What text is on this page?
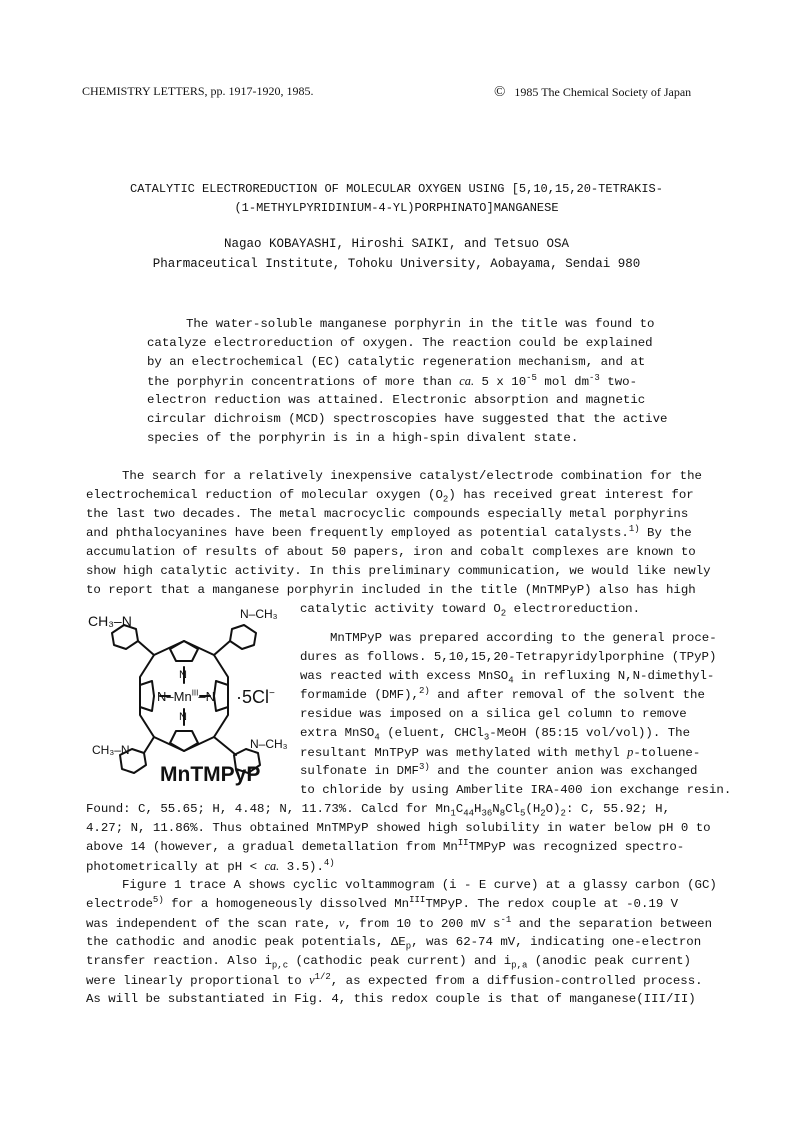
CHEMISTRY LETTERS, pp. 1917-1920, 1985.	© 1985 The Chemical Society of Japan
CATALYTIC ELECTROREDUCTION OF MOLECULAR OXYGEN USING [5,10,15,20-TETRAKIS-
(1-METHYLPYRIDINIUM-4-YL)PORPHINATO]MANGANESE
Nagao KOBAYASHI, Hiroshi SAIKI, and Tetsuo OSA
Pharmaceutical Institute, Tohoku University, Aobayama, Sendai 980
The water-soluble manganese porphyrin in the title was found to
catalyze electroreduction of oxygen. The reaction could be explained
by an electrochemical (EC) catalytic regeneration mechanism, and at
the porphyrin concentrations of more than ca. 5 x $10^{-5}$ mol $dm^{-3}$ two-
electron reduction was attained. Electronic absorption and magnetic
circular dichroism (MCD) spectroscopies have suggested that the active
species of the porphyrin is in a high-spin divalent state.
The search for a relatively inexpensive catalyst/electrode combination for the
electrochemical reduction of molecular oxygen $(O_2)$ has received great interest for
the last two decades. The metal macrocyclic compounds especially metal porphyrins
and phthalocyanines have been frequently employed as potential catalysts.$^{1)}$ By the
accumulation of results of about 50 papers, iron and cobalt complexes are known to
show high catalytic activity. In this preliminary communication, we would like newly
to report that a manganese porphyrin included in the title (MnTMPyP) also has high
catalytic activity toward $O_2$ electroreduction.
CH₃–N	N–CH₃
CH₃–N	N–CH₃
N
N
$N-Mn^{III}-N \cdot 5Cl^-$
MnTMPyP
MnTMPyP was prepared according to the general proce-
dures as follows. 5,10,15,20-Tetrapyridylporphine (TPyP)
was reacted with excess MnSO$_4$ in refluxing N,N-dimethyl-
formamide (DMF),$^{2)}$ and after removal of the solvent the
residue was imposed on a silica gel column to remove
extra MnSO$_4$ (eluent, CHCl$_3$-MeOH (85:15 vol/vol)). The
resultant MnTPyP was methylated with methyl p-toluene-
sulfonate in DMF$^{3)}$ and the counter anion was exchanged
to chloride by using Amberlite IRA-400 ion exchange resin.
Found: C, 55.65; H, 4.48; N, 11.73%. Calcd for $Mn_1C_{44}H_{36}N_8Cl_5(H_2O)_2$: C, 55.92; H,
4.27; N, 11.86%. Thus obtained MnTMPyP showed high solubility in water below pH 0 to
above 14 (however, a gradual demetallation from $Mn^{II}TMPyP$ was recognized spectro-
photometrically at pH < ca. 3.5).$^{4)}$
Figure 1 trace A shows cyclic voltammogram (i - E curve) at a glassy carbon (GC)
electrode$^{5)}$ for a homogeneously dissolved $Mn^{III}TMPyP$. The redox couple at -0.19 V
was independent of the scan rate, v, from 10 to 200 mV $s^{-1}$ and the separation between
the cathodic and anodic peak potentials, $\Delta E_p$, was 62-74 mV, indicating one-electron
transfer reaction. Also $i_{p,c}$ (cathodic peak current) and $i_{p,a}$ (anodic peak current)
were linearly proportional to $v^{1/2}$, as expected from a diffusion-controlled process.
As will be substantiated in Fig. 4, this redox couple is that of manganese(III/II)
